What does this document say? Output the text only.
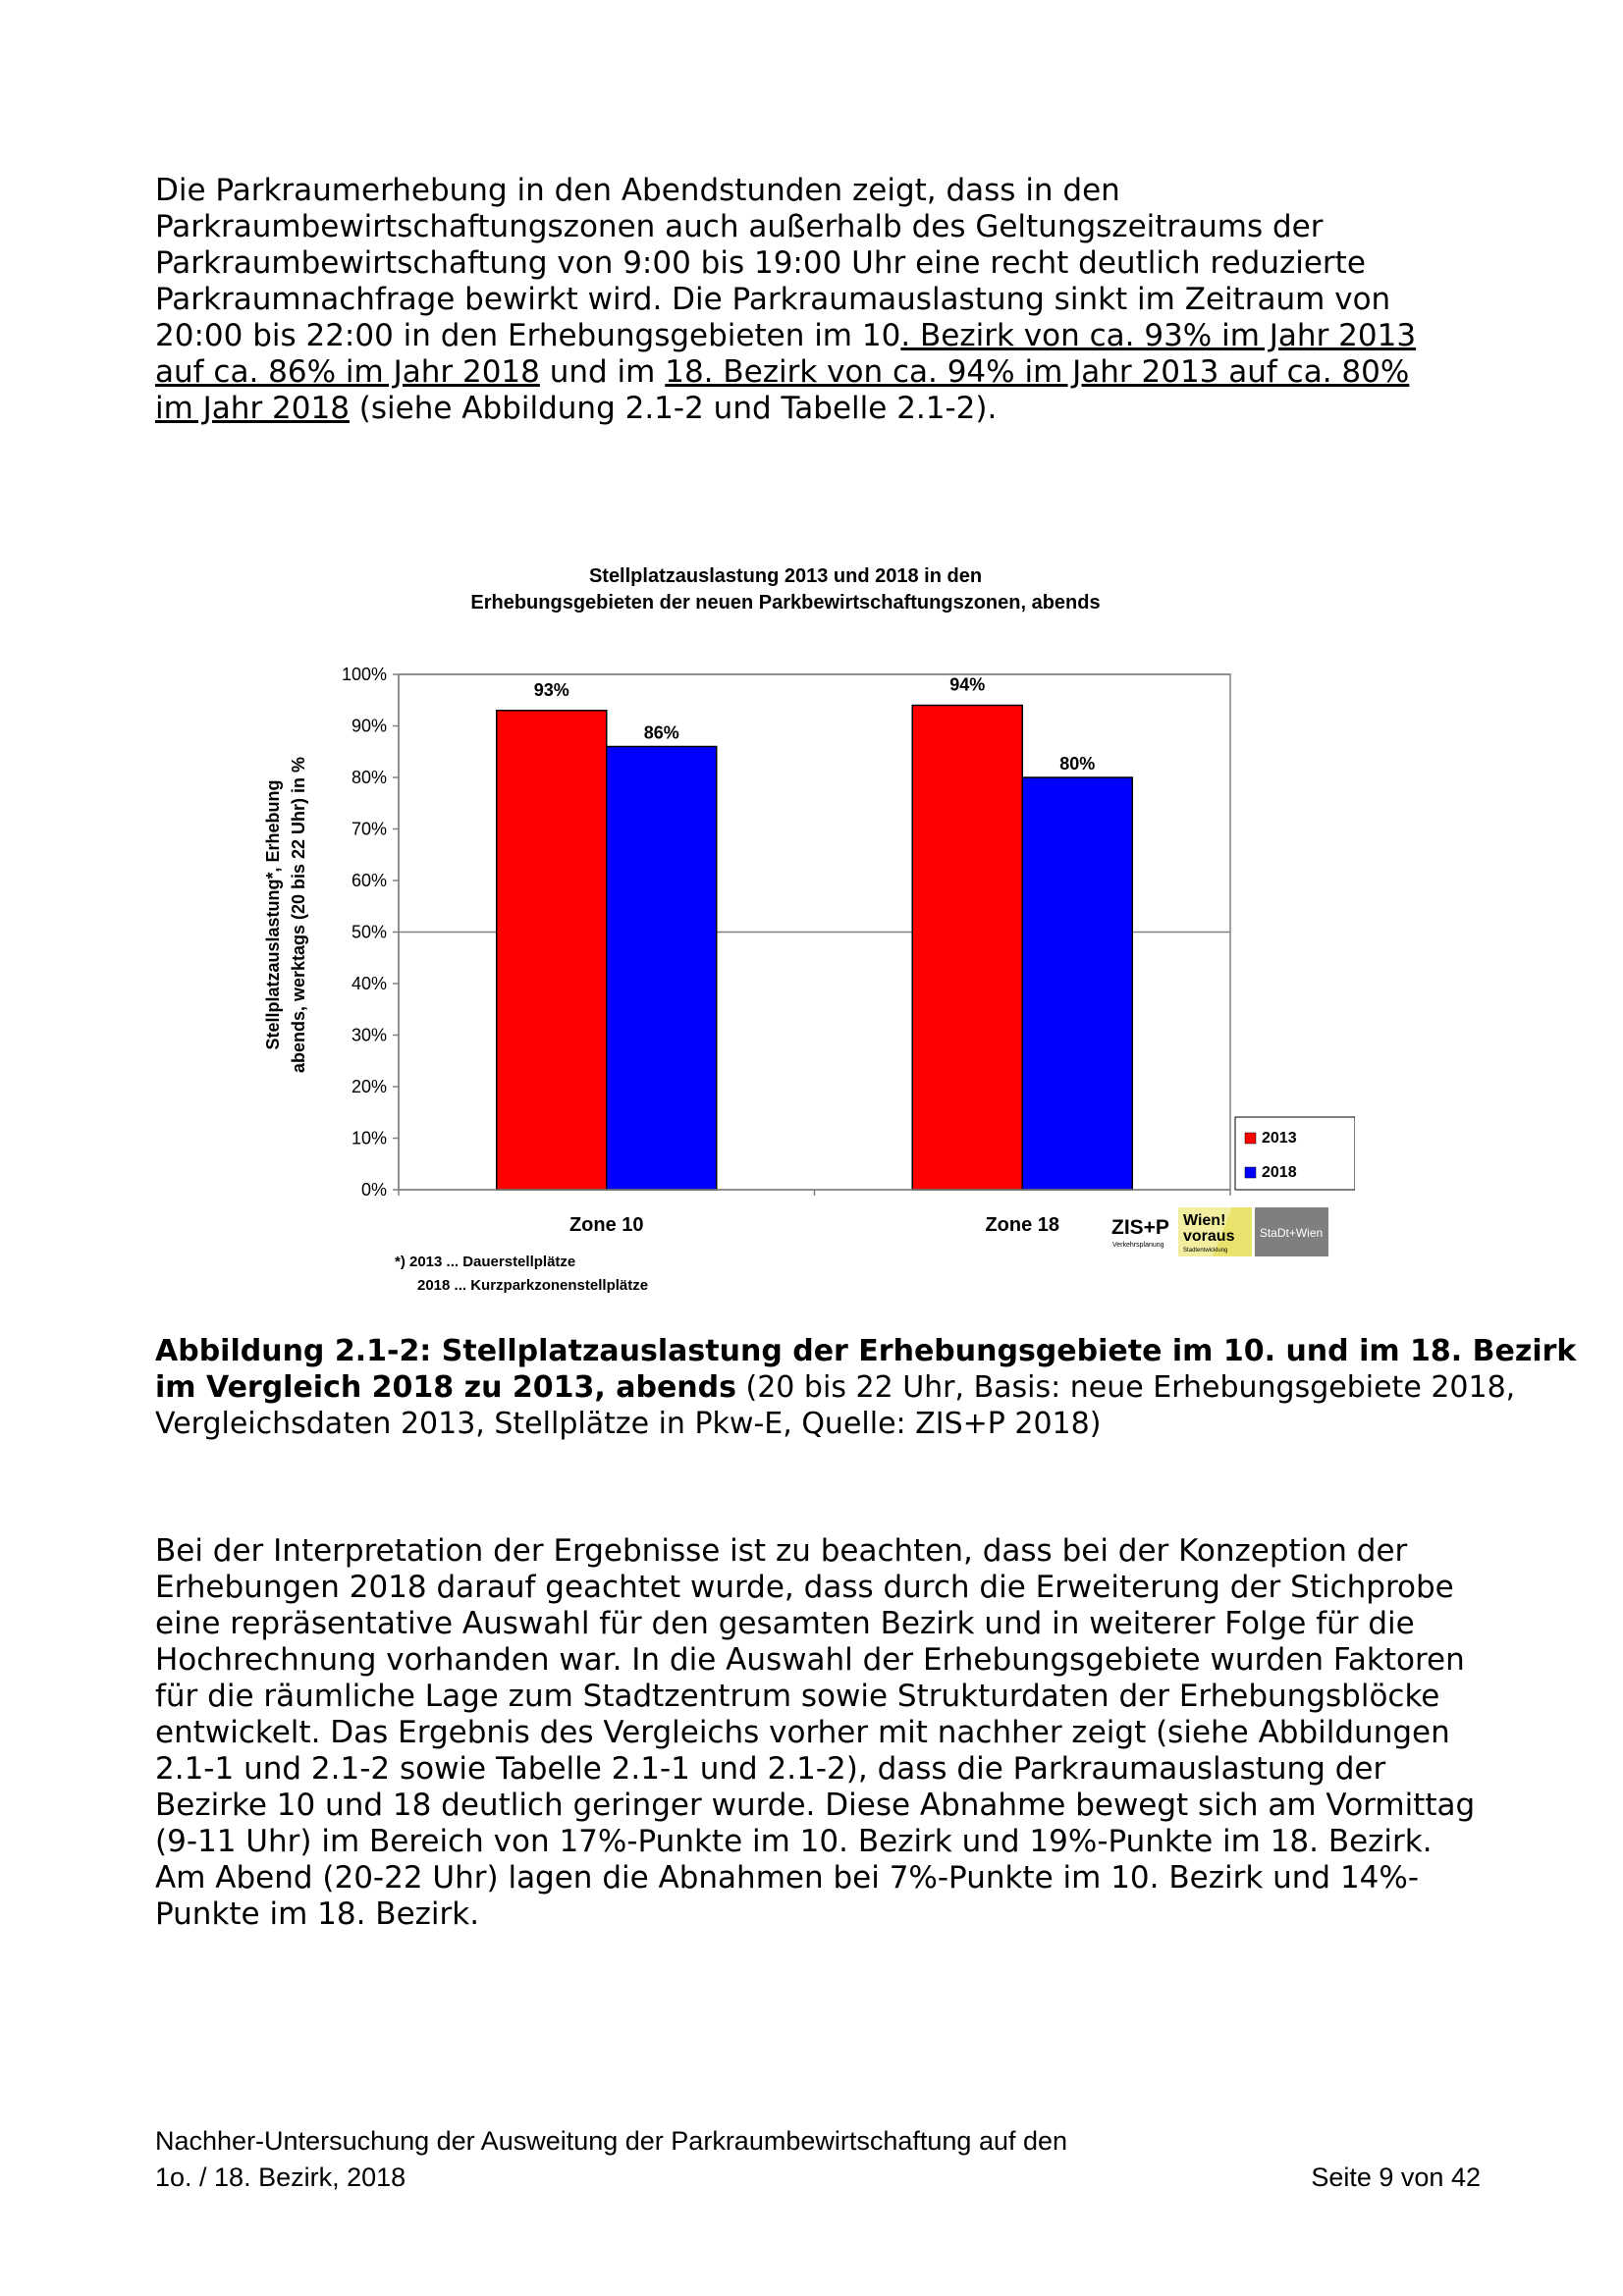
Die Parkraumerhebung in den Abendstunden zeigt, dass in den

Parkraumbewirtschaftungszonen auch außerhalb des Geltungszeitraums der

Parkraumbewirtschaftung von 9:00 bis 19:00 Uhr eine recht deutlich reduzierte

Parkraumnachfrage bewirkt wird. Die Parkraumauslastung sinkt im Zeitraum von

20:00 bis 22:00 in den Erhebungsgebieten im 10. Bezirk von ca. 93% im Jahr 2013

auf ca. 86% im Jahr 2018 und im 18. Bezirk von ca. 94% im Jahr 2013 auf ca. 80%

im Jahr 2018 (siehe Abbildung 2.1-2 und Tabelle 2.1-2).

Stellplatzauslastung 2013 und 2018 in den
Erhebungsgebieten der neuen Parkbewirtschaftungszonen, abends
Stellplatzauslastung*, Erhebung abends, werktags (20 bis 22 Uhr) in %
0%
10%
20%
30%
40%
50%
60%
70%
80%
90%
100%
93%
86%
94%
80%
Zone 10	Zone 18
2013
2018
*) 2013 ... Dauerstellplätze
2018 ... Kurzparkzonenstellplätze
ZIS+P
Verkehrsplanung
Wien!
voraus
Stadtentwicklung
StaDt+Wien

Abbildung 2.1-2: Stellplatzauslastung der Erhebungsgebiete im 10. und im 18. Bezirk

im Vergleich 2018 zu 2013, abends (20 bis 22 Uhr, Basis: neue Erhebungsgebiete 2018,

Vergleichsdaten 2013, Stellplätze in Pkw-E, Quelle: ZIS+P 2018)

Bei der Interpretation der Ergebnisse ist zu beachten, dass bei der Konzeption der

Erhebungen 2018 darauf geachtet wurde, dass durch die Erweiterung der Stichprobe

eine repräsentative Auswahl für den gesamten Bezirk und in weiterer Folge für die

Hochrechnung vorhanden war. In die Auswahl der Erhebungsgebiete wurden Faktoren

für die räumliche Lage zum Stadtzentrum sowie Strukturdaten der Erhebungsblöcke

entwickelt. Das Ergebnis des Vergleichs vorher mit nachher zeigt (siehe Abbildungen

2.1-1 und 2.1-2 sowie Tabelle 2.1-1 und 2.1-2), dass die Parkraumauslastung der

Bezirke 10 und 18 deutlich geringer wurde. Diese Abnahme bewegt sich am Vormittag

(9-11 Uhr) im Bereich von 17%-Punkte im 10. Bezirk und 19%-Punkte im 18. Bezirk.

Am Abend (20-22 Uhr) lagen die Abnahmen bei 7%-Punkte im 10. Bezirk und 14%-

Punkte im 18. Bezirk.

Nachher-Untersuchung der Ausweitung der Parkraumbewirtschaftung auf den

1o. / 18. Bezirk, 2018	Seite 9 von 42
